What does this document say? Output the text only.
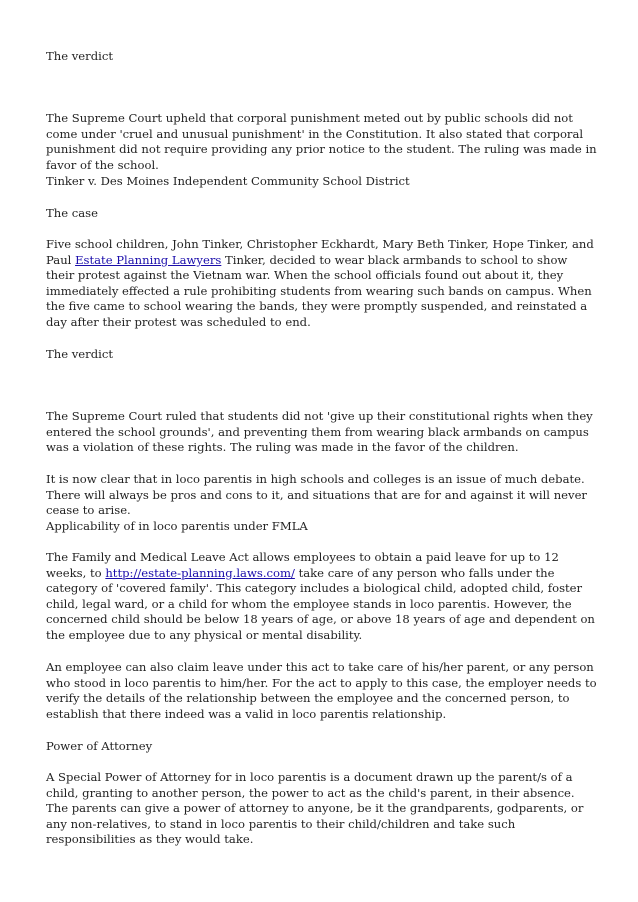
The verdict

The Supreme Court upheld that corporal punishment meted out by public schools did not come under 'cruel and unusual punishment' in the Constitution. It also stated that corporal punishment did not require providing any prior notice to the student. The ruling was made in favor of the school.

Tinker v. Des Moines Independent Community School District

The case

Five school children, John Tinker, Christopher Eckhardt, Mary Beth Tinker, Hope Tinker, and Paul Estate Planning Lawyers Tinker, decided to wear black armbands to school to show their protest against the Vietnam war. When the school officials found out about it, they immediately effected a rule prohibiting students from wearing such bands on campus. When the five came to school wearing the bands, they were promptly suspended, and reinstated a day after their protest was scheduled to end.

The verdict

The Supreme Court ruled that students did not 'give up their constitutional rights when they entered the school grounds', and preventing them from wearing black armbands on campus was a violation of these rights. The ruling was made in the favor of the children.

It is now clear that in loco parentis in high schools and colleges is an issue of much debate. There will always be pros and cons to it, and situations that are for and against it will never cease to arise.

Applicability of in loco parentis under FMLA

The Family and Medical Leave Act allows employees to obtain a paid leave for up to 12 weeks, to http://estate-planning.laws.com/ take care of any person who falls under the category of 'covered family'. This category includes a biological child, adopted child, foster child, legal ward, or a child for whom the employee stands in loco parentis. However, the concerned child should be below 18 years of age, or above 18 years of age and dependent on the employee due to any physical or mental disability.

An employee can also claim leave under this act to take care of his/her parent, or any person who stood in loco parentis to him/her. For the act to apply to this case, the employer needs to verify the details of the relationship between the employee and the concerned person, to establish that there indeed was a valid in loco parentis relationship.

Power of Attorney

A Special Power of Attorney for in loco parentis is a document drawn up the parent/s of a child, granting to another person, the power to act as the child's parent, in their absence. The parents can give a power of attorney to anyone, be it the grandparents, godparents, or any non-relatives, to stand in loco parentis to their child/children and take such responsibilities as they would take.
